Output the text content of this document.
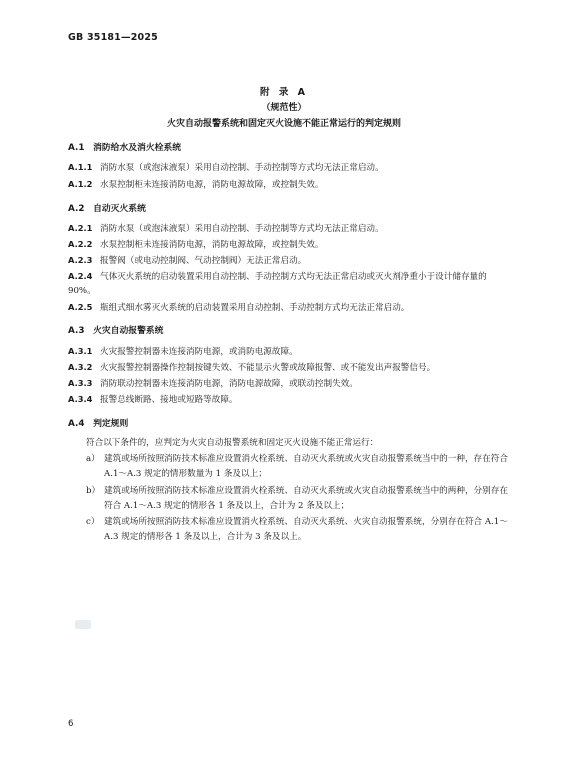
GB 35181—2025
附 录 A
（规范性）
火灾自动报警系统和固定灭火设施不能正常运行的判定规则
A.1 消防给水及消火栓系统
A.1.1 消防水泵（或泡沫液泵）采用自动控制、手动控制等方式均无法正常启动。
A.1.2 水泵控制柜未连接消防电源，消防电源故障，或控制失效。
A.2 自动灭火系统
A.2.1 消防水泵（或泡沫液泵）采用自动控制、手动控制等方式均无法正常启动。
A.2.2 水泵控制柜未连接消防电源，消防电源故障，或控制失效。
A.2.3 报警阀（或电动控制阀、气动控制阀）无法正常启动。
A.2.4 气体灭火系统的启动装置采用自动控制、手动控制方式均无法正常启动或灭火剂净重小于设计储存量的 90%。
A.2.5 瓶组式细水雾灭火系统的启动装置采用自动控制、手动控制方式均无法正常启动。
A.3 火灾自动报警系统
A.3.1 火灾报警控制器未连接消防电源，或消防电源故障。
A.3.2 火灾报警控制器操作控制按键失效、不能显示火警或故障报警、或不能发出声报警信号。
A.3.3 消防联动控制器未连接消防电源，消防电源故障，或联动控制失效。
A.3.4 报警总线断路、接地或短路等故障。
A.4 判定规则
符合以下条件的，应判定为火灾自动报警系统和固定灭火设施不能正常运行：
a） 建筑或场所按照消防技术标准应设置消火栓系统、自动灭火系统或火灾自动报警系统当中的一种，存在符合 A.1～A.3 规定的情形数量为 1 条及以上；
b） 建筑或场所按照消防技术标准应设置消火栓系统、自动灭火系统或火灾自动报警系统当中的两种，分别存在符合 A.1～A.3 规定的情形各 1 条及以上，合计为 2 条及以上；
c） 建筑或场所按照消防技术标准应设置消火栓系统、自动灭火系统、火灾自动报警系统，分别存在符合 A.1～A.3 规定的情形各 1 条及以上，合计为 3 条及以上。
6
